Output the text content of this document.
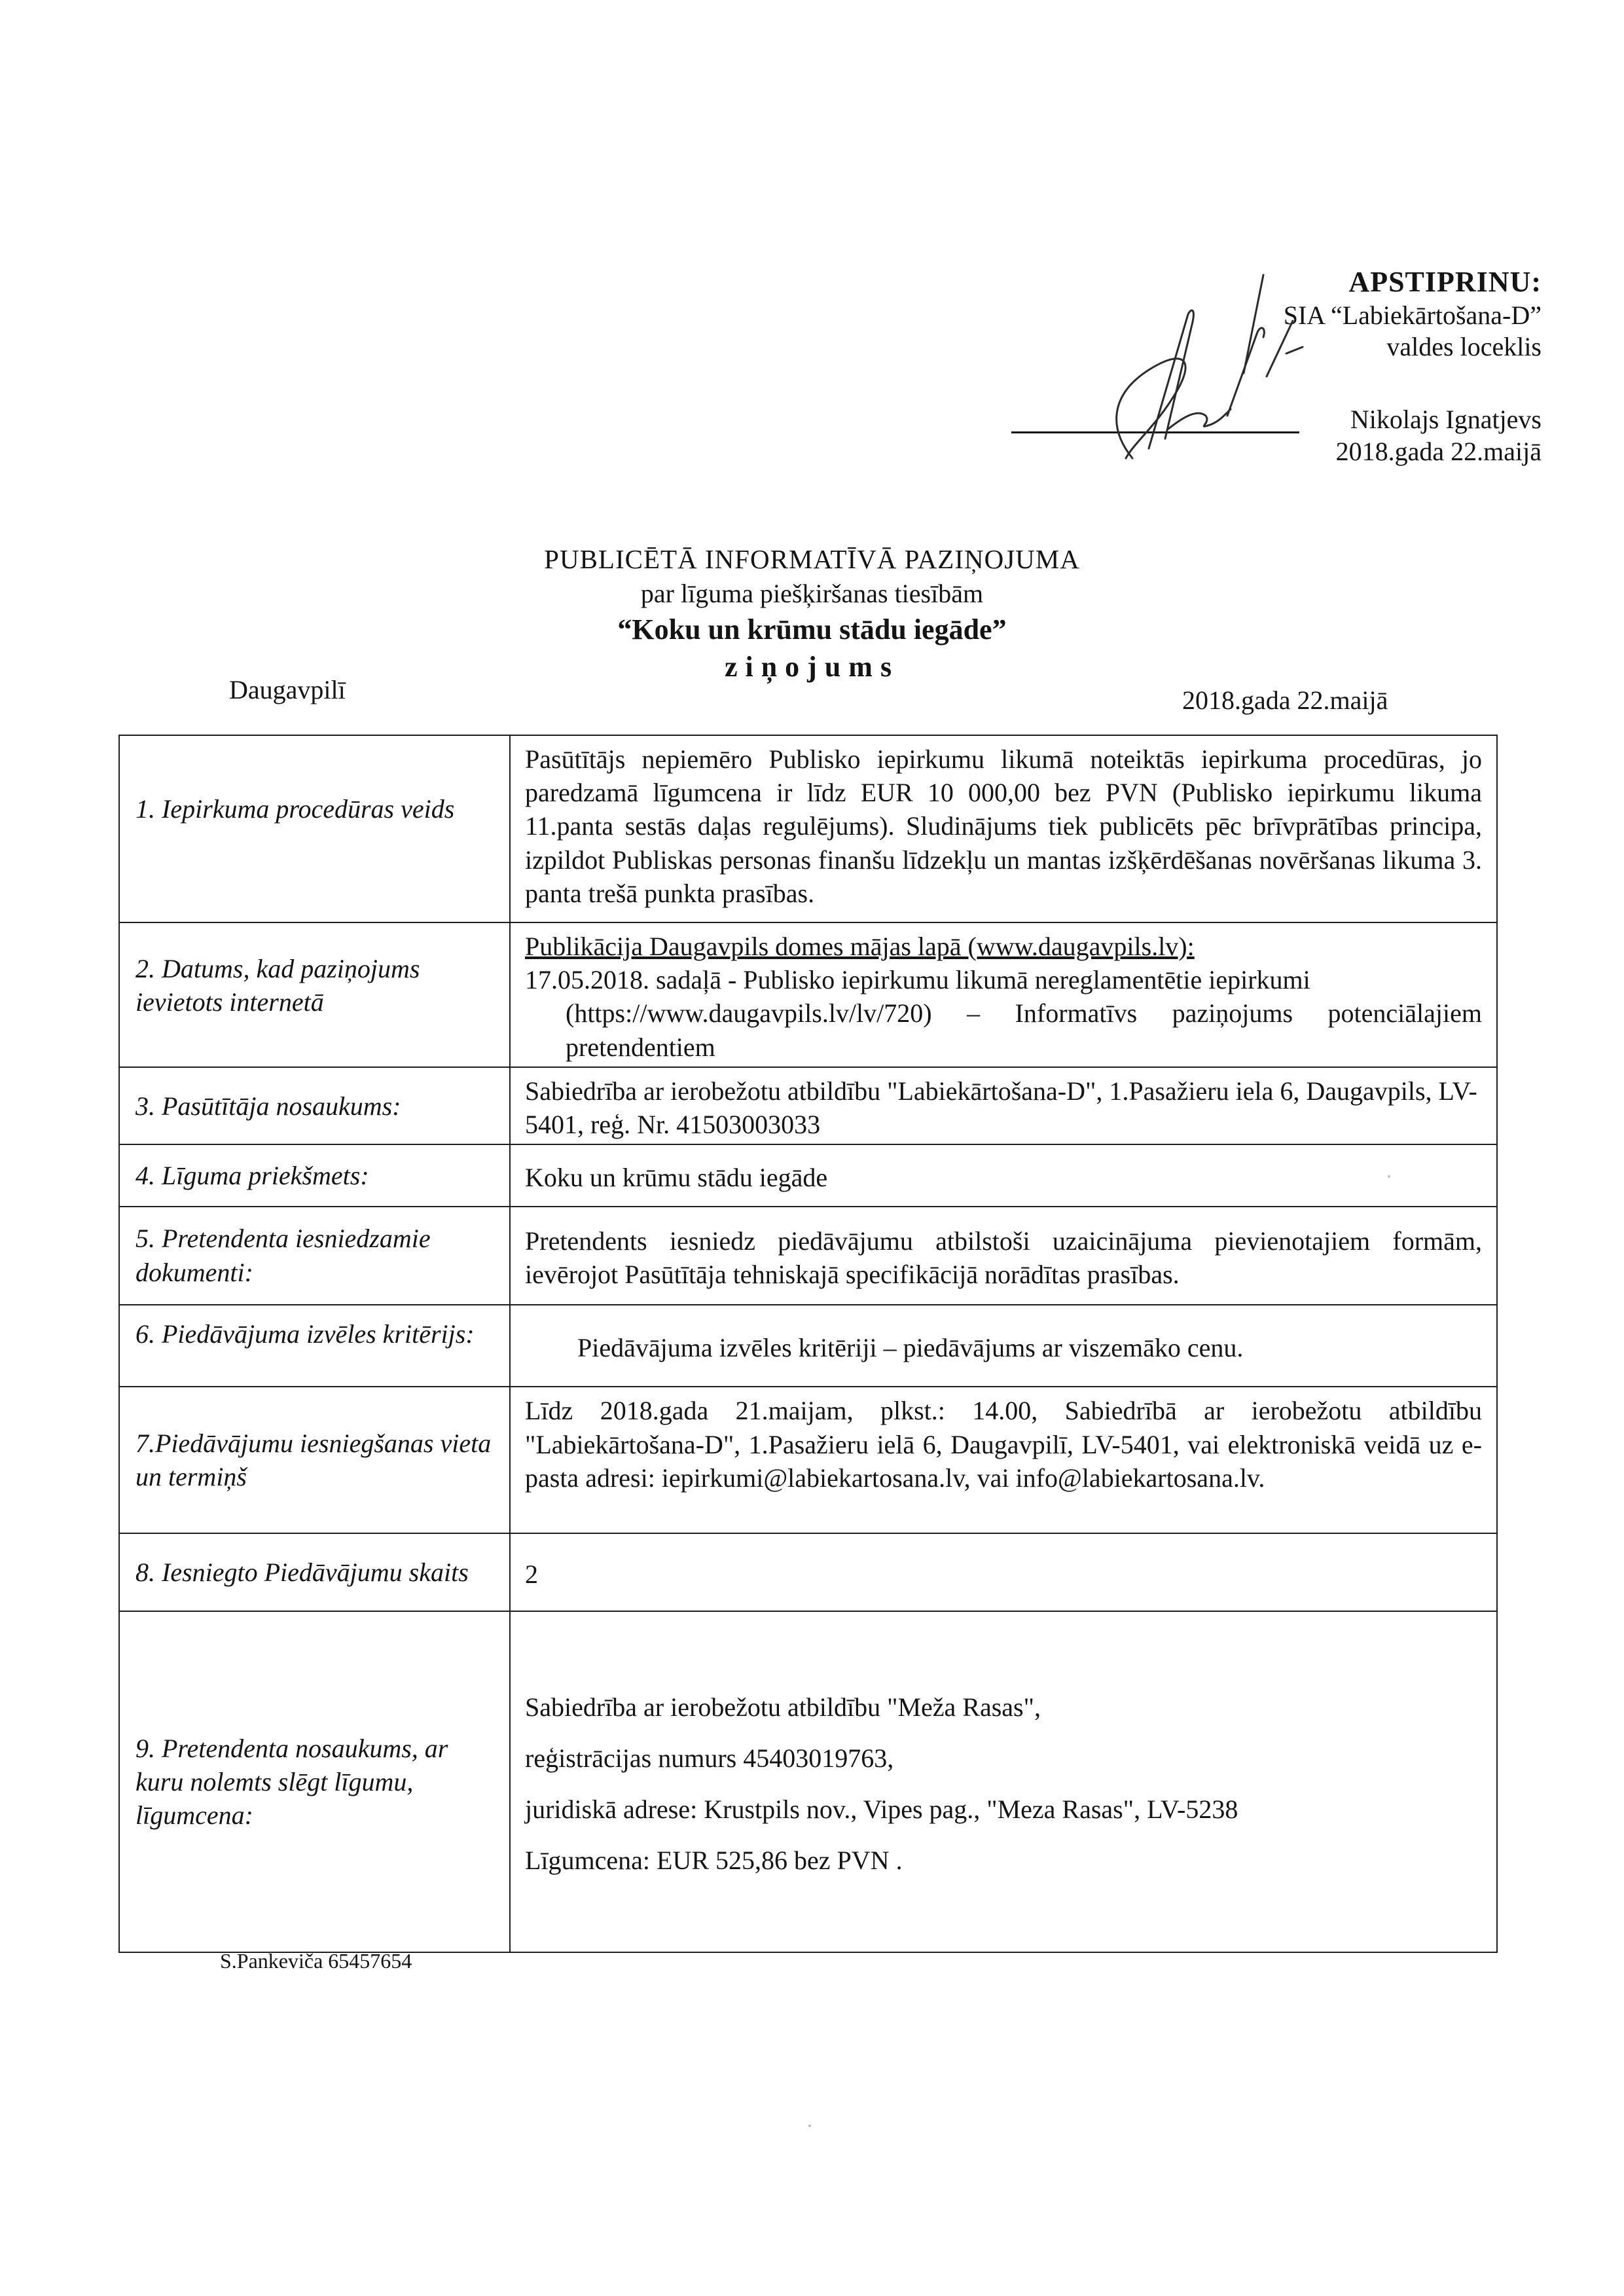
APSTIPRINU:
SIA “Labiekārtošana-D”
valdes loceklis
Nikolajs Ignatjevs
2018.gada 22.maijā
PUBLICĒTĀ INFORMATĪVĀ PAZIŅOJUMA
par līguma piešķiršanas tiesībām
“Koku un krūmu stādu iegāde”
ziņojums
Daugavpilī	2018.gada 22.maijā
1. Iepirkuma procedūras veids	Pasūtītājs nepiemēro Publisko iepirkumu likumā noteiktās iepirkuma procedūras, jo paredzamā līgumcena ir līdz EUR 10 000,00 bez PVN (Publisko iepirkumu likuma 11.panta sestās daļas regulējums). Sludinājums tiek publicēts pēc brīvprātības principa, izpildot Publiskas personas finanšu līdzekļu un mantas izšķērdēšanas novēršanas likuma 3. panta trešā punkta prasības.
2. Datums, kad paziņojums ievietots internetā	Publikācija Daugavpils domes mājas lapā (www.daugavpils.lv):
17.05.2018. sadaļā - Publisko iepirkumu likumā nereglamentētie iepirkumi

(https://www.daugavpils.lv/lv/720) – Informatīvs paziņojums potenciālajiem pretendentiem

3. Pasūtītāja nosaukums:	Sabiedrība ar ierobežotu atbildību "Labiekārtošana-D", 1.Pasažieru iela 6, Daugavpils, LV-5401, reģ. Nr. 41503003033
4. Līguma priekšmets:	Koku un krūmu stādu iegāde
5. Pretendenta iesniedzamie dokumenti:	Pretendents iesniedz piedāvājumu atbilstoši uzaicinājuma pievienotajiem formām, ievērojot Pasūtītāja tehniskajā specifikācijā norādītas prasības.
6. Piedāvājuma izvēles kritērijs:	Piedāvājuma izvēles kritēriji – piedāvājums ar viszemāko cenu.

7.Piedāvājumu iesniegšanas vieta un termiņš	Līdz 2018.gada 21.maijam, plkst.: 14.00, Sabiedrībā ar ierobežotu atbildību "Labiekārtošana-D", 1.Pasažieru ielā 6, Daugavpilī, LV-5401, vai elektroniskā veidā uz e-pasta adresi: iepirkumi@labiekartosana.lv, vai info@labiekartosana.lv.
8. Iesniegto Piedāvājumu skaits	2
9. Pretendenta nosaukums, ar kuru nolemts slēgt līgumu, līgumcena:	Sabiedrība ar ierobežotu atbildību "Meža Rasas",
reģistrācijas numurs 45403019763,
juridiskā adrese: Krustpils nov., Vipes pag., "Meza Rasas", LV-5238
Līgumcena: EUR 525,86 bez PVN .
S.Pankeviča 65457654
